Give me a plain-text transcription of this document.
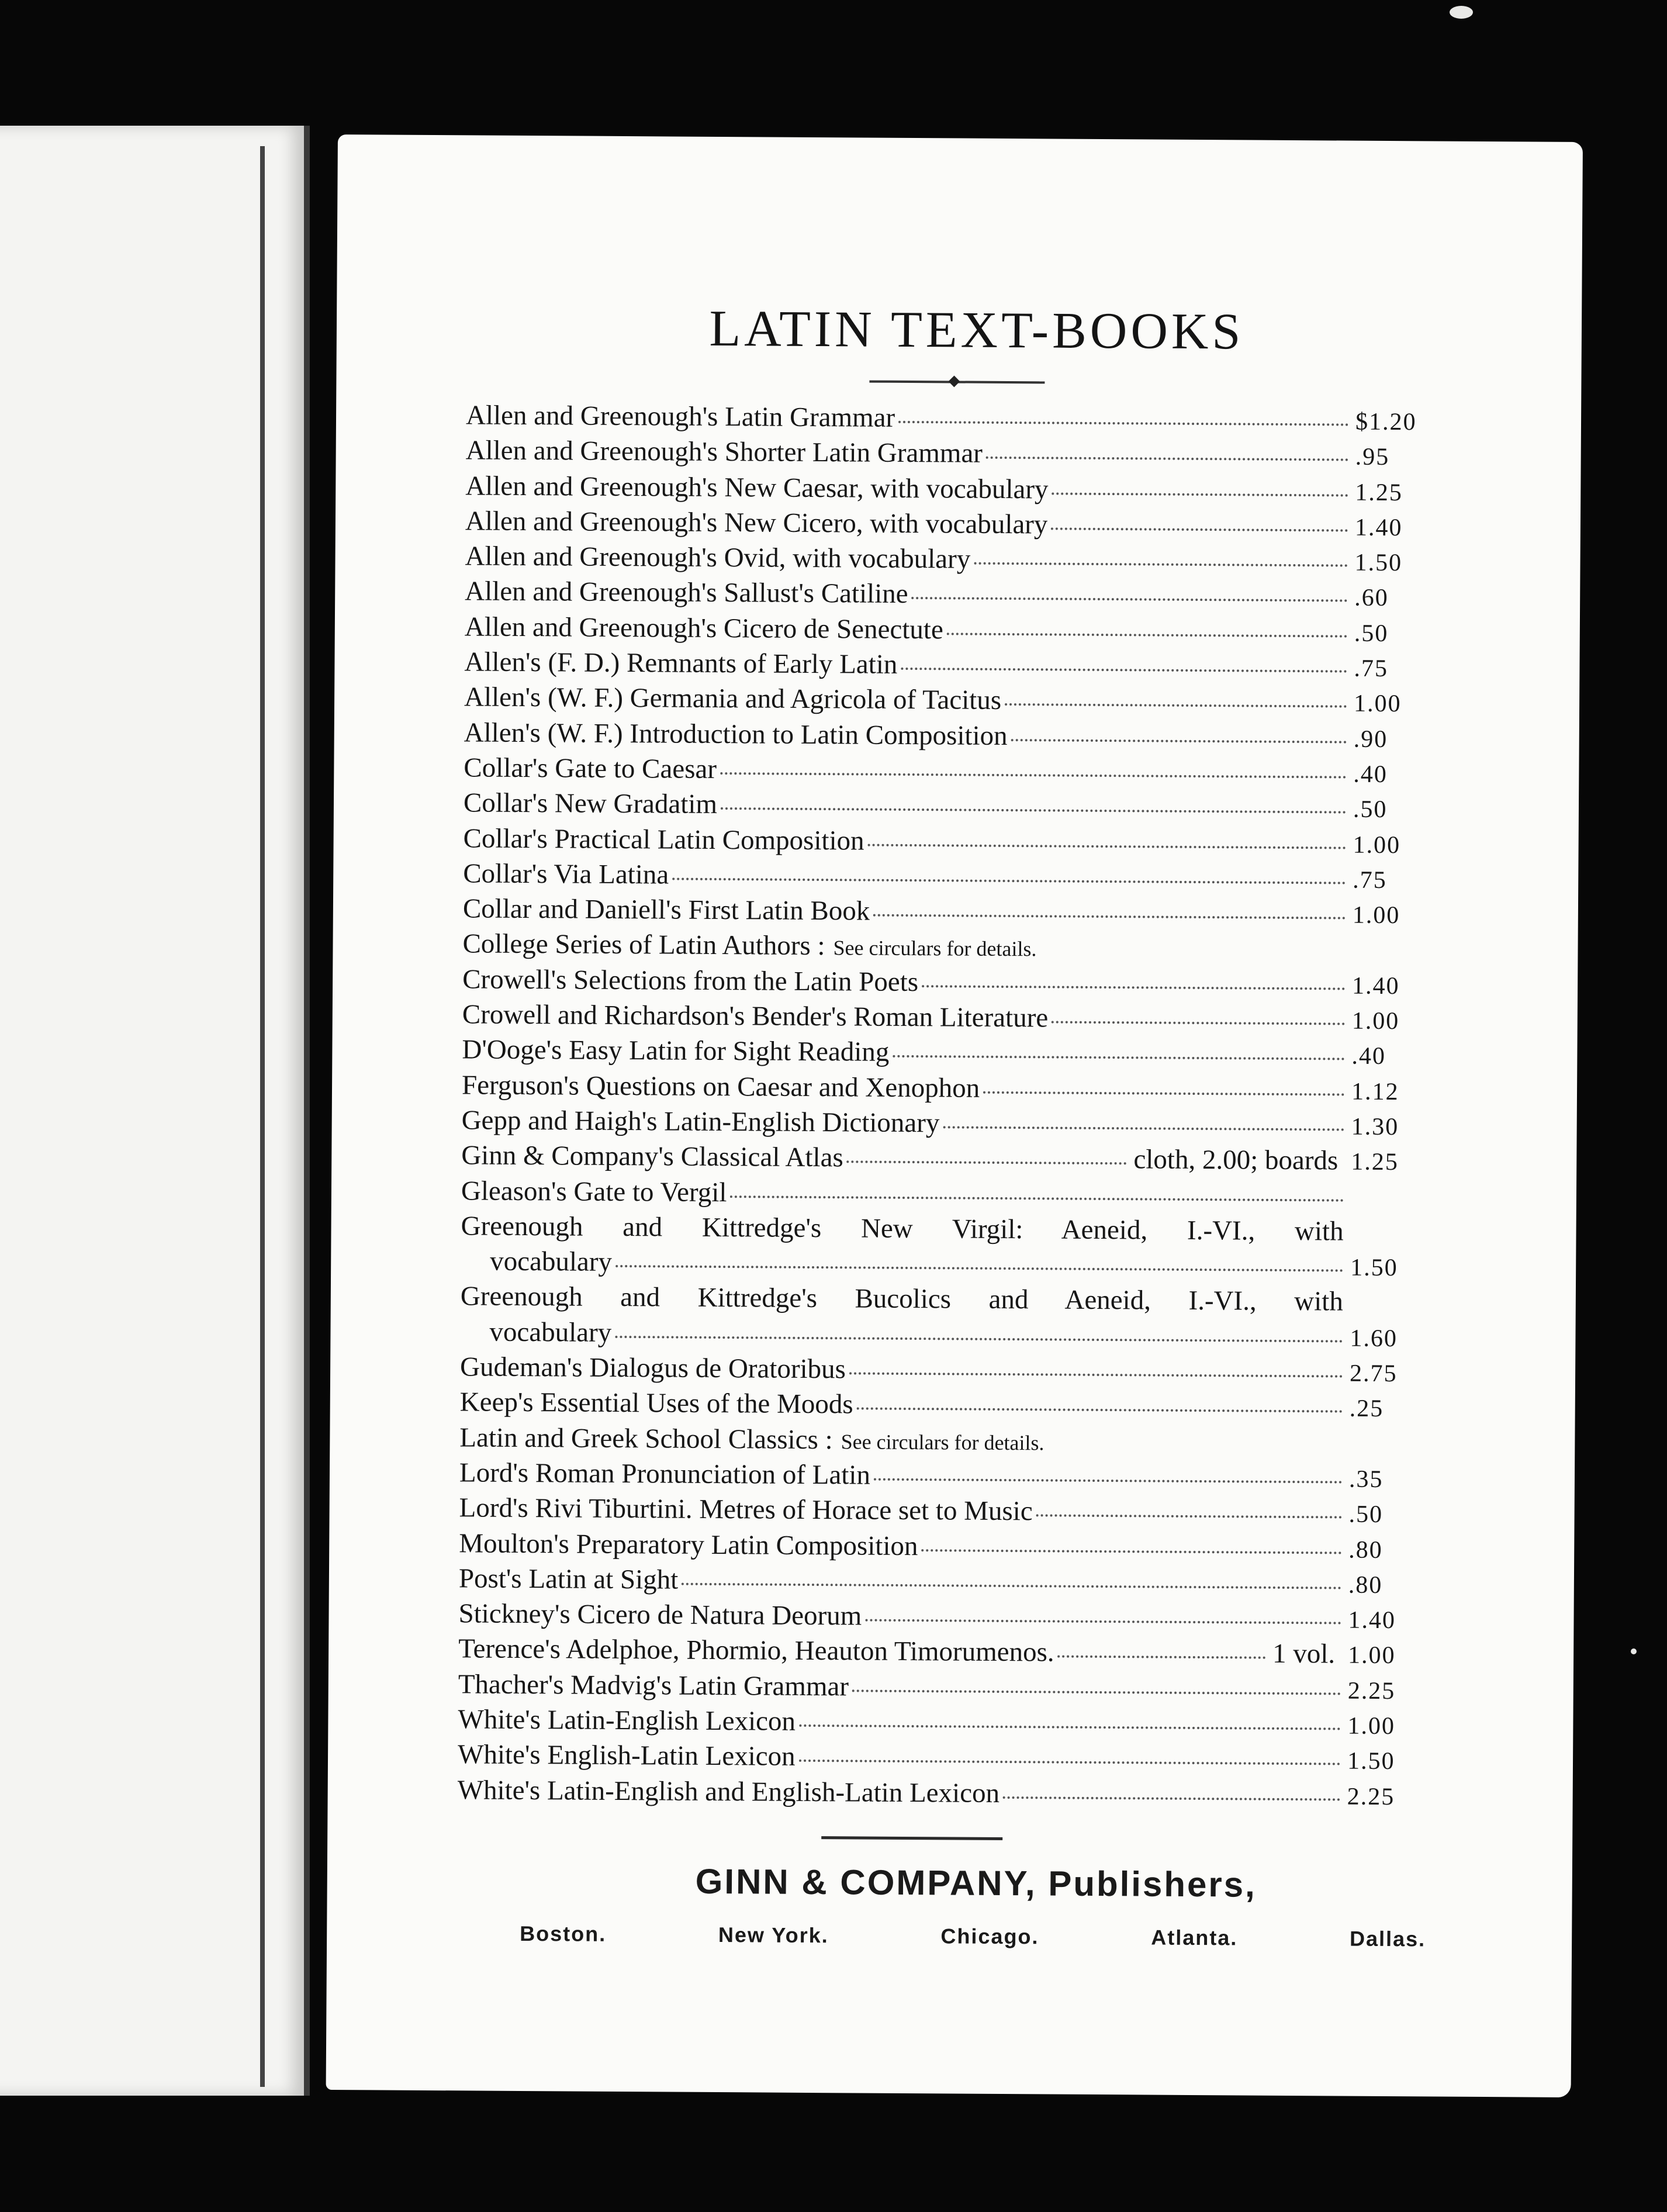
LATIN TEXT-BOOKS
Allen and Greenough's Latin Grammar	$1.20
Allen and Greenough's Shorter Latin Grammar	.95
Allen and Greenough's New Caesar, with vocabulary	1.25
Allen and Greenough's New Cicero, with vocabulary	1.40
Allen and Greenough's Ovid, with vocabulary	1.50
Allen and Greenough's Sallust's Catiline	.60
Allen and Greenough's Cicero de Senectute	.50
Allen's (F. D.) Remnants of Early Latin	.75
Allen's (W. F.) Germania and Agricola of Tacitus	1.00
Allen's (W. F.) Introduction to Latin Composition	.90
Collar's Gate to Caesar	.40
Collar's New Gradatim	.50
Collar's Practical Latin Composition	1.00
Collar's Via Latina	.75
Collar and Daniell's First Latin Book	1.00
College Series of Latin Authors : See circulars for details.
Crowell's Selections from the Latin Poets	1.40
Crowell and Richardson's Bender's Roman Literature	1.00
D'Ooge's Easy Latin for Sight Reading	.40
Ferguson's Questions on Caesar and Xenophon	1.12
Gepp and Haigh's Latin-English Dictionary	1.30
Ginn & Company's Classical Atlas	cloth, 2.00; boards 1.25
Gleason's Gate to Vergil
Greenough and Kittredge's New Virgil: Aeneid, I.-VI., with
vocabulary	1.50
Greenough and Kittredge's Bucolics and Aeneid, I.-VI., with
vocabulary	1.60
Gudeman's Dialogus de Oratoribus	2.75
Keep's Essential Uses of the Moods	.25
Latin and Greek School Classics : See circulars for details.
Lord's Roman Pronunciation of Latin	.35
Lord's Rivi Tiburtini. Metres of Horace set to Music	.50
Moulton's Preparatory Latin Composition	.80
Post's Latin at Sight	.80
Stickney's Cicero de Natura Deorum	1.40
Terence's Adelphoe, Phormio, Heauton Timorumenos.	1 vol. 1.00
Thacher's Madvig's Latin Grammar	2.25
White's Latin-English Lexicon	1.00
White's English-Latin Lexicon	1.50
White's Latin-English and English-Latin Lexicon	2.25
GINN & COMPANY, Publishers,
Boston.	New York.	Chicago.	Atlanta.	Dallas.
